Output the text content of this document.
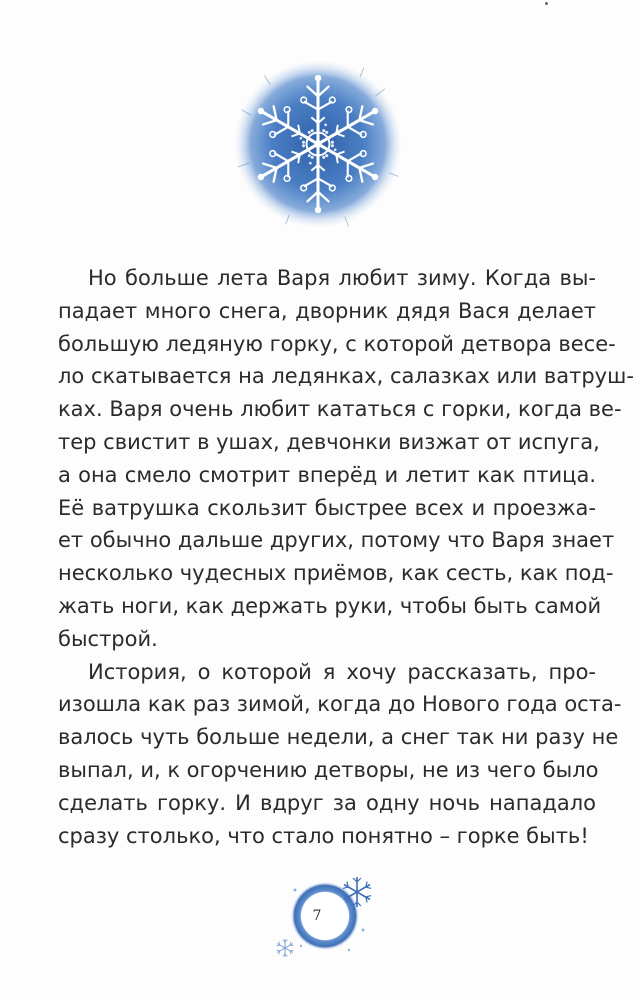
Но больше лета Варя любит зиму. Когда вы-
падает много снега, дворник дядя Вася делает
большую ледяную горку, с которой детвора весе-
ло скатывается на ледянках, салазках или ватруш-
ках. Варя очень любит кататься с горки, когда ве-
тер свистит в ушах, девчонки визжат от испуга,
а она смело смотрит вперёд и летит как птица.
Её ватрушка скользит быстрее всех и проезжа-
ет обычно дальше других, потому что Варя знает
несколько чудесных приёмов, как сесть, как под-
жать ноги, как держать руки, чтобы быть самой
быстрой.
История, о которой я хочу рассказать, про-
изошла как раз зимой, когда до Нового года оста-
валось чуть больше недели, а снег так ни разу не
выпал, и, к огорчению детворы, не из чего было
сделать горку. И вдруг за одну ночь нападало
сразу столько, что стало понятно – горке быть!
7
